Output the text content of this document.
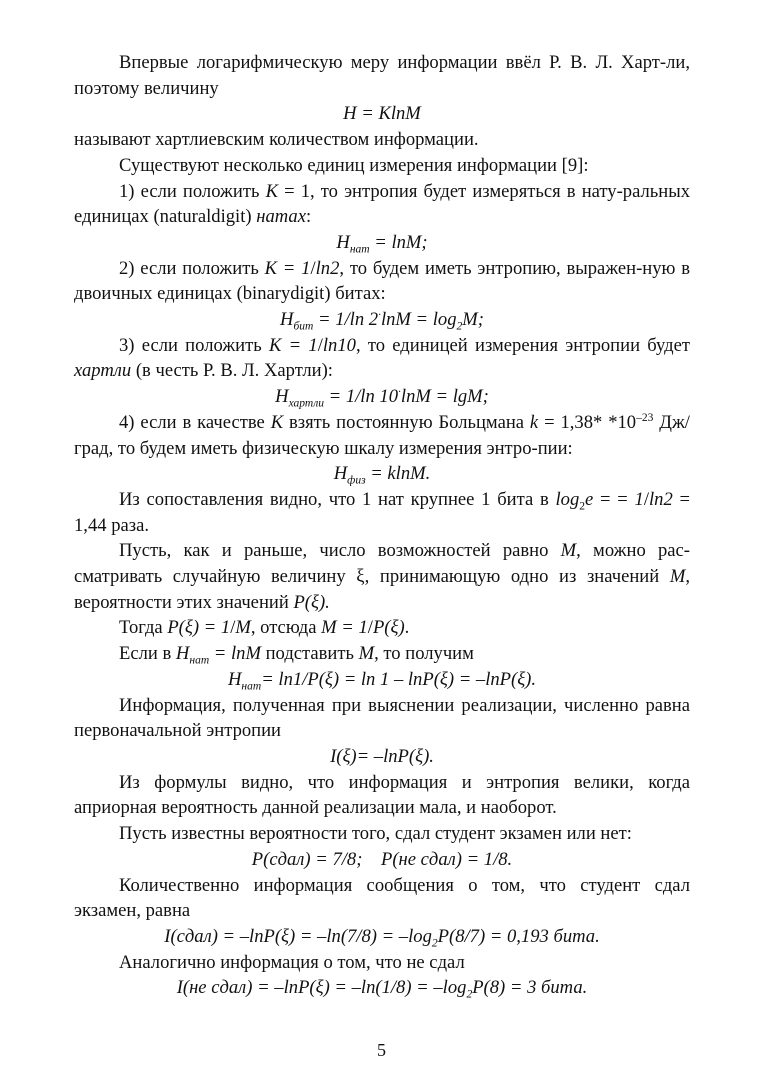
Впервые логарифмическую меру информации ввёл Р. В. Л. Харт-ли, поэтому величину

H = KlnM

называют хартлиевским количеством информации.

Существуют несколько единиц измерения информации [9]:

1) если положить K = 1, то энтропия будет измеряться в нату-ральных единицах (naturaldigit) натах:

$H_{нат} = \ln M$;

2) если положить K = 1/ln2, то будем иметь энтропию, выражен-ную в двоичных единицах (binarydigit) битах:

$H_{бит} = 1/\ln$ $2^\cdot\ln M = \log_2M$;

3) если положить K = 1/ln10, то единицей измерения энтропии будет хартли (в честь Р. В. Л. Хартли):

$H_{хартли} = 1/\ln$ 10·lnM = lgM;

4) если в качестве K взять постоянную Больцмана k = 1,38* $*10^{-23}$ Дж/град, то будем иметь физическую шкалу измерения энтро-пии:

$H_{физ} = klnM$.

Из сопоставления видно, что 1 нат крупнее 1 бита в $\log_2e$ = = 1/ln2 = 1,44 раза.

Пусть, как и раньше, число возможностей равно M, можно рас-сматривать случайную величину ξ, принимающую одно из значений M, вероятности этих значений P(ξ).

Тогда P(ξ) = 1/M, отсюда M = 1/P(ξ).

Если в $H_{нат} = \ln M$ подставить M, то получим

$H_{нат}= \ln 1/P(\xi) = \ln 1 - \ln P(\xi) = -\ln P(\xi)$.

Информация, полученная при выяснении реализации, численно равна первоначальной энтропии

I(ξ)= –lnP(ξ).

Из формулы видно, что информация и энтропия велики, когда априорная вероятность данной реализации мала, и наоборот.

Пусть известны вероятности того, сдал студент экзамен или нет:

P(сдал) = 7/8; P(не сдал) = 1/8.

Количественно информация сообщения о том, что студент сдал экзамен, равна

I(сдал) = $-\ln P(\xi) = -\ln(7/8) = -\log_2P(8/7) = 0,193$ бита.

Аналогично информация о том, что не сдал

I(не сдал) = $-\ln P(\xi) = -\ln(1/8) = -\log_2P(8) = 3$ бита.

5
